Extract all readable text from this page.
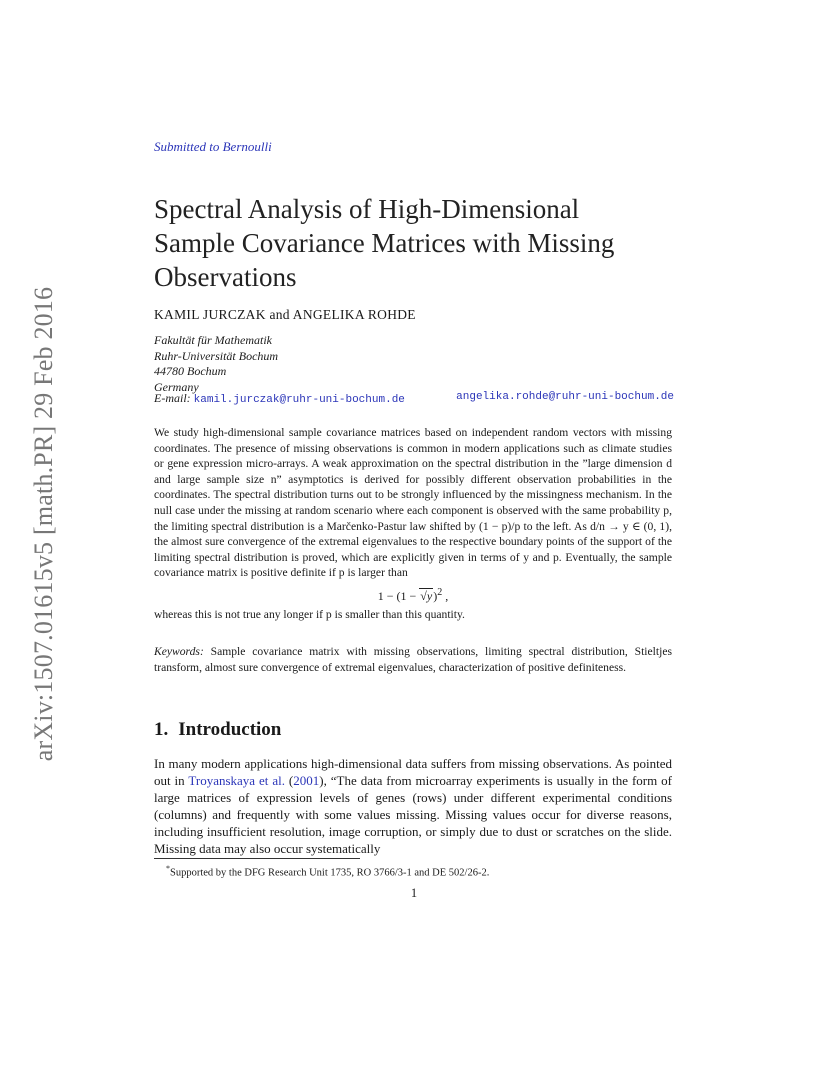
arXiv:1507.01615v5 [math.PR] 29 Feb 2016
Submitted to Bernoulli
Spectral Analysis of High-Dimensional
Sample Covariance Matrices with Missing
Observations
KAMIL JURCZAK and ANGELIKA ROHDE
Fakultät für Mathematik
Ruhr-Universität Bochum
44780 Bochum
Germany
E-mail: kamil.jurczak@ruhr-uni-bochum.de	angelika.rohde@ruhr-uni-bochum.de

We study high-dimensional sample covariance matrices based on independent random vectors with missing coordinates. The presence of missing observations is common in modern applications such as climate studies or gene expression micro-arrays. A weak approximation on the spectral distribution in the ”large dimension d and large sample size n” asymptotics is derived for possibly different observation probabilities in the coordinates. The spectral distribution turns out to be strongly influenced by the missingness mechanism. In the null case under the missing at random scenario where each component is observed with the same probability p, the limiting spectral distribution is a Marčenko-Pastur law shifted by (1 − p)/p to the left. As d/n → y ∈ (0, 1), the almost sure convergence of the extremal eigenvalues to the respective boundary points of the support of the limiting spectral distribution is proved, which are explicitly given in terms of y and p. Eventually, the sample covariance matrix is positive definite if p is larger than

$1 - (1 - √y)^2$ ,

whereas this is not true any longer if p is smaller than this quantity.

Keywords: Sample covariance matrix with missing observations, limiting spectral distribution, Stieltjes transform, almost sure convergence of extremal eigenvalues, characterization of positive definiteness.
1. Introduction
In many modern applications high-dimensional data suffers from missing observations. As pointed out in Troyanskaya et al. (2001), “The data from microarray experiments is usually in the form of large matrices of expression levels of genes (rows) under different experimental conditions (columns) and frequently with some values missing. Missing values occur for diverse reasons, including insufficient resolution, image corruption, or simply due to dust or scratches on the slide. Missing data may also occur systematically
*Supported by the DFG Research Unit 1735, RO 3766/3-1 and DE 502/26-2.
1
